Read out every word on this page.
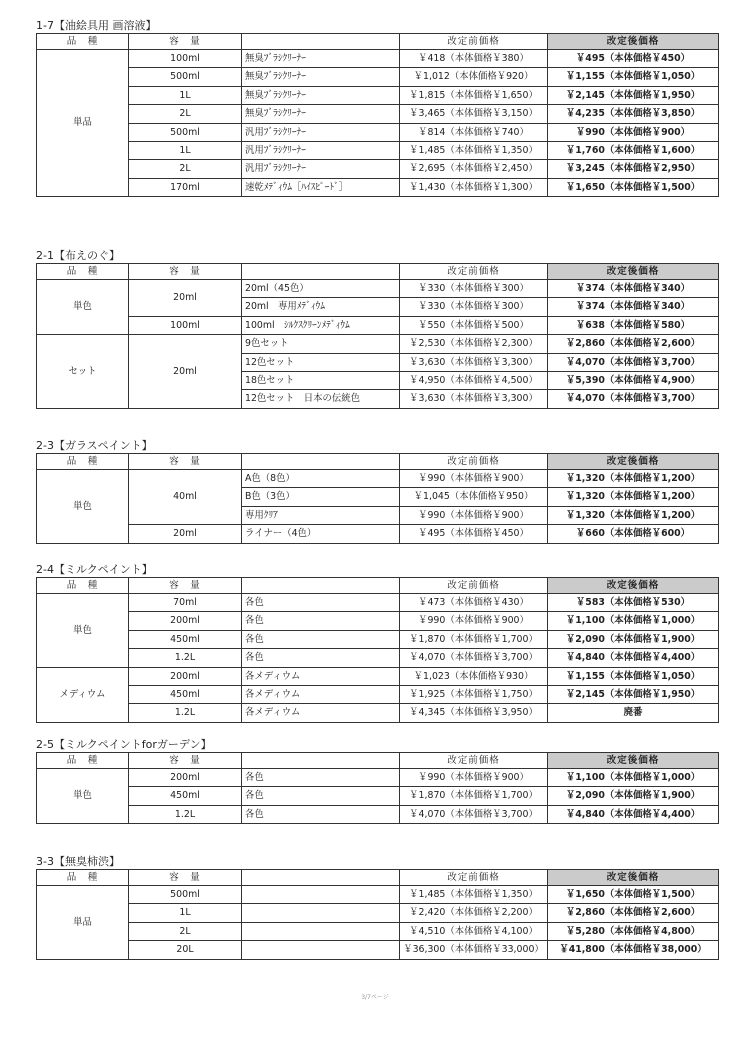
1-7【油絵具用 画溶液】
品　種	容　量		改定前価格	改定後価格
単品	100ml	無臭ﾌﾞﾗｼｸﾘｰﾅｰ	￥418（本体価格￥380）	￥495（本体価格￥450）
	500ml	無臭ﾌﾞﾗｼｸﾘｰﾅｰ	￥1,012（本体価格￥920）	￥1,155（本体価格￥1,050）
	1L	無臭ﾌﾞﾗｼｸﾘｰﾅｰ	￥1,815（本体価格￥1,650）	￥2,145（本体価格￥1,950）
	2L	無臭ﾌﾞﾗｼｸﾘｰﾅｰ	￥3,465（本体価格￥3,150）	￥4,235（本体価格￥3,850）
	500ml	汎用ﾌﾞﾗｼｸﾘｰﾅｰ	￥814（本体価格￥740）	￥990（本体価格￥900）
	1L	汎用ﾌﾞﾗｼｸﾘｰﾅｰ	￥1,485（本体価格￥1,350）	￥1,760（本体価格￥1,600）
	2L	汎用ﾌﾞﾗｼｸﾘｰﾅｰ	￥2,695（本体価格￥2,450）	￥3,245（本体価格￥2,950）
	170ml	速乾ﾒﾃﾞｨｳﾑ［ﾊｲｽﾋﾟｰﾄﾞ］	￥1,430（本体価格￥1,300）	￥1,650（本体価格￥1,500）
2-1【布えのぐ】
品　種	容　量		改定前価格	改定後価格
単色	20ml	20ml（45色）	￥330（本体価格￥300）	￥374（本体価格￥340）
		20ml　専用ﾒﾃﾞｨｳﾑ	￥330（本体価格￥300）	￥374（本体価格￥340）
	100ml	100ml　ｼﾙｸｽｸﾘｰﾝﾒﾃﾞｨｳﾑ	￥550（本体価格￥500）	￥638（本体価格￥580）
セット	20ml	9色セット	￥2,530（本体価格￥2,300）	￥2,860（本体価格￥2,600）
		12色セット	￥3,630（本体価格￥3,300）	￥4,070（本体価格￥3,700）
		18色セット	￥4,950（本体価格￥4,500）	￥5,390（本体価格￥4,900）
		12色セット　日本の伝統色	￥3,630（本体価格￥3,300）	￥4,070（本体価格￥3,700）
2-3【ガラスペイント】
品　種	容　量		改定前価格	改定後価格
単色	40ml	A色（8色）	￥990（本体価格￥900）	￥1,320（本体価格￥1,200）
		B色（3色）	￥1,045（本体価格￥950）	￥1,320（本体価格￥1,200）
		専用ｸﾘｱ	￥990（本体価格￥900）	￥1,320（本体価格￥1,200）
	20ml	ライナー（4色）	￥495（本体価格￥450）	￥660（本体価格￥600）
2-4【ミルクペイント】
品　種	容　量		改定前価格	改定後価格
単色	70ml	各色	￥473（本体価格￥430）	￥583（本体価格￥530）
	200ml	各色	￥990（本体価格￥900）	￥1,100（本体価格￥1,000）
	450ml	各色	￥1,870（本体価格￥1,700）	￥2,090（本体価格￥1,900）
	1.2L	各色	￥4,070（本体価格￥3,700）	￥4,840（本体価格￥4,400）
メディウム	200ml	各メディウム	￥1,023（本体価格￥930）	￥1,155（本体価格￥1,050）
	450ml	各メディウム	￥1,925（本体価格￥1,750）	￥2,145（本体価格￥1,950）
	1.2L	各メディウム	￥4,345（本体価格￥3,950）	廃番
2-5【ミルクペイントforガーデン】
品　種	容　量		改定前価格	改定後価格
単色	200ml	各色	￥990（本体価格￥900）	￥1,100（本体価格￥1,000）
	450ml	各色	￥1,870（本体価格￥1,700）	￥2,090（本体価格￥1,900）
	1.2L	各色	￥4,070（本体価格￥3,700）	￥4,840（本体価格￥4,400）
3-3【無臭柿渋】
品　種	容　量		改定前価格	改定後価格
単品	500ml		￥1,485（本体価格￥1,350）	￥1,650（本体価格￥1,500）
	1L		￥2,420（本体価格￥2,200）	￥2,860（本体価格￥2,600）
	2L		￥4,510（本体価格￥4,100）	￥5,280（本体価格￥4,800）
	20L		￥36,300（本体価格￥33,000）	￥41,800（本体価格￥38,000）
3/7ページ
